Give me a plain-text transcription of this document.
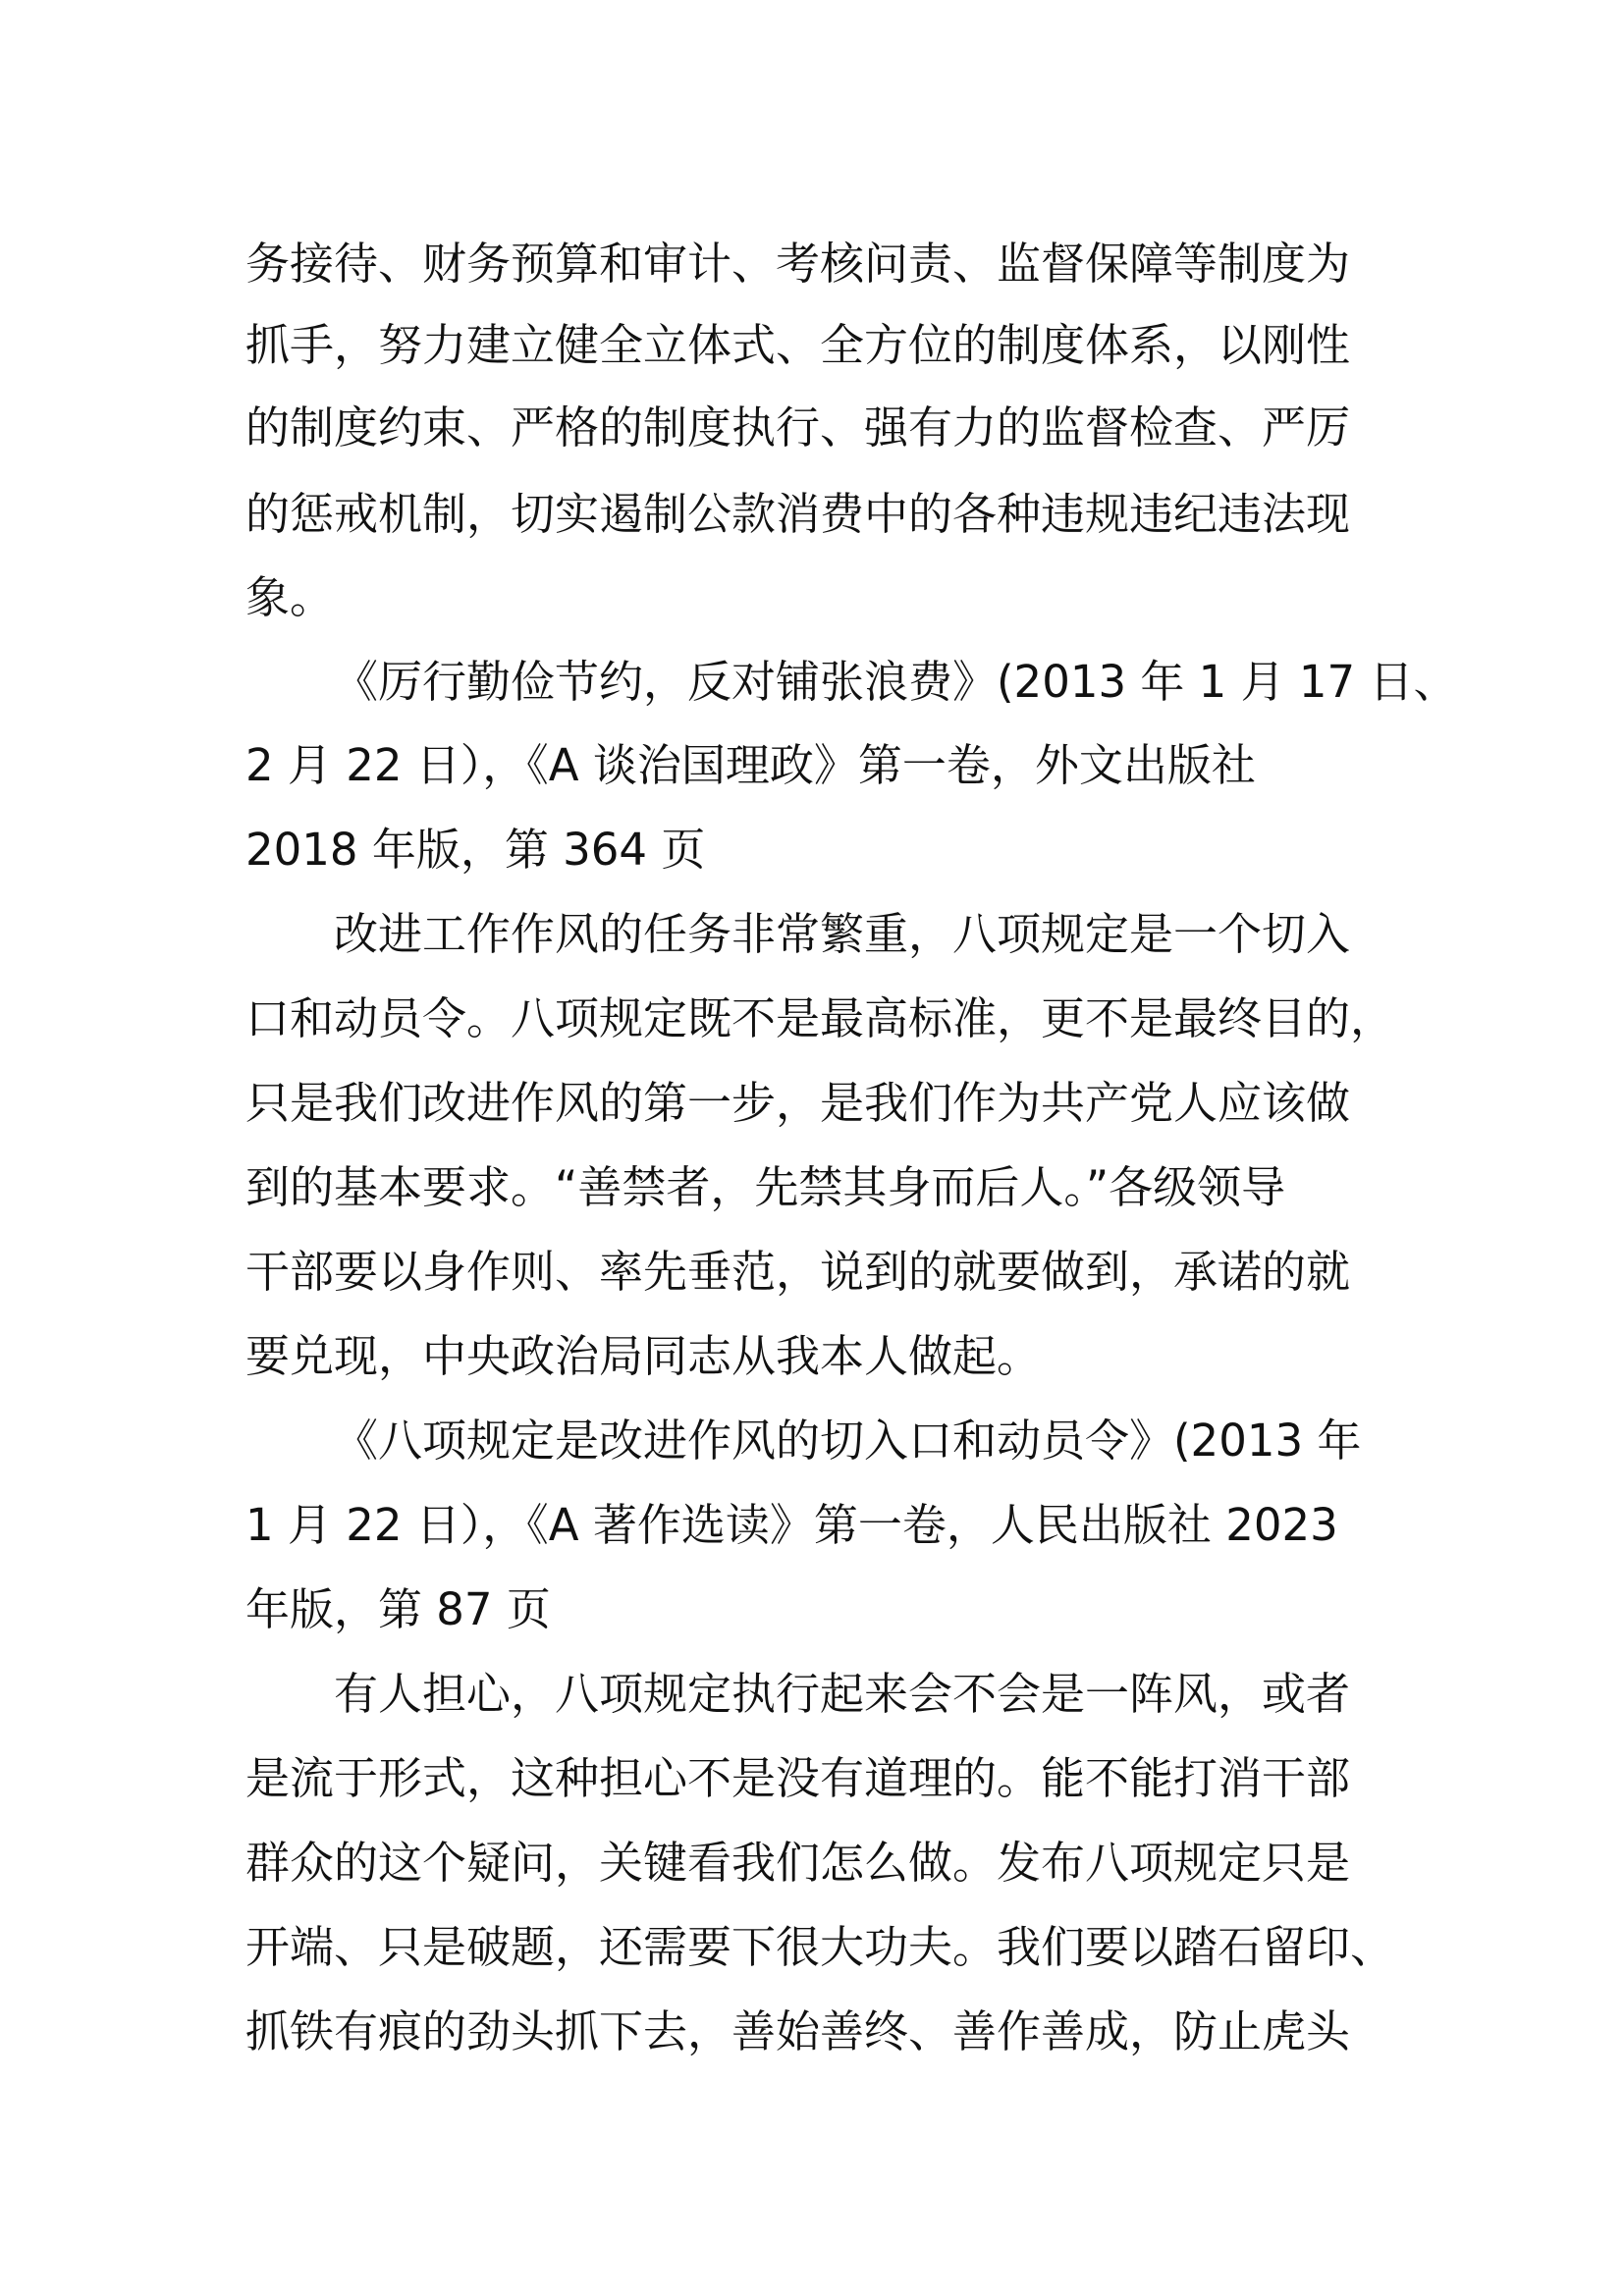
务接待、财务预算和审计、考核问责、监督保障等制度为
抓手，努力建立健全立体式、全方位的制度体系，以刚性
的制度约束、严格的制度执行、强有力的监督检查、严厉
的惩戒机制，切实遏制公款消费中的各种违规违纪违法现
象。
《厉行勤俭节约，反对铺张浪费》(2013 年 1 月 17 日、
2 月 22 日），《A 谈治国理政》第一卷，外文出版社
2018 年版，第 364 页
改进工作作风的任务非常繁重，八项规定是一个切入
口和动员令。八项规定既不是最高标准，更不是最终目的，
只是我们改进作风的第一步，是我们作为共产党人应该做
到的基本要求。“善禁者，先禁其身而后人。”各级领导
干部要以身作则、率先垂范，说到的就要做到，承诺的就
要兑现，中央政治局同志从我本人做起。
《八项规定是改进作风的切入口和动员令》(2013 年
1 月 22 日），《A 著作选读》第一卷，人民出版社 2023
年版，第 87 页
有人担心，八项规定执行起来会不会是一阵风，或者
是流于形式，这种担心不是没有道理的。能不能打消干部
群众的这个疑问，关键看我们怎么做。发布八项规定只是
开端、只是破题，还需要下很大功夫。我们要以踏石留印、
抓铁有痕的劲头抓下去，善始善终、善作善成，防止虎头
